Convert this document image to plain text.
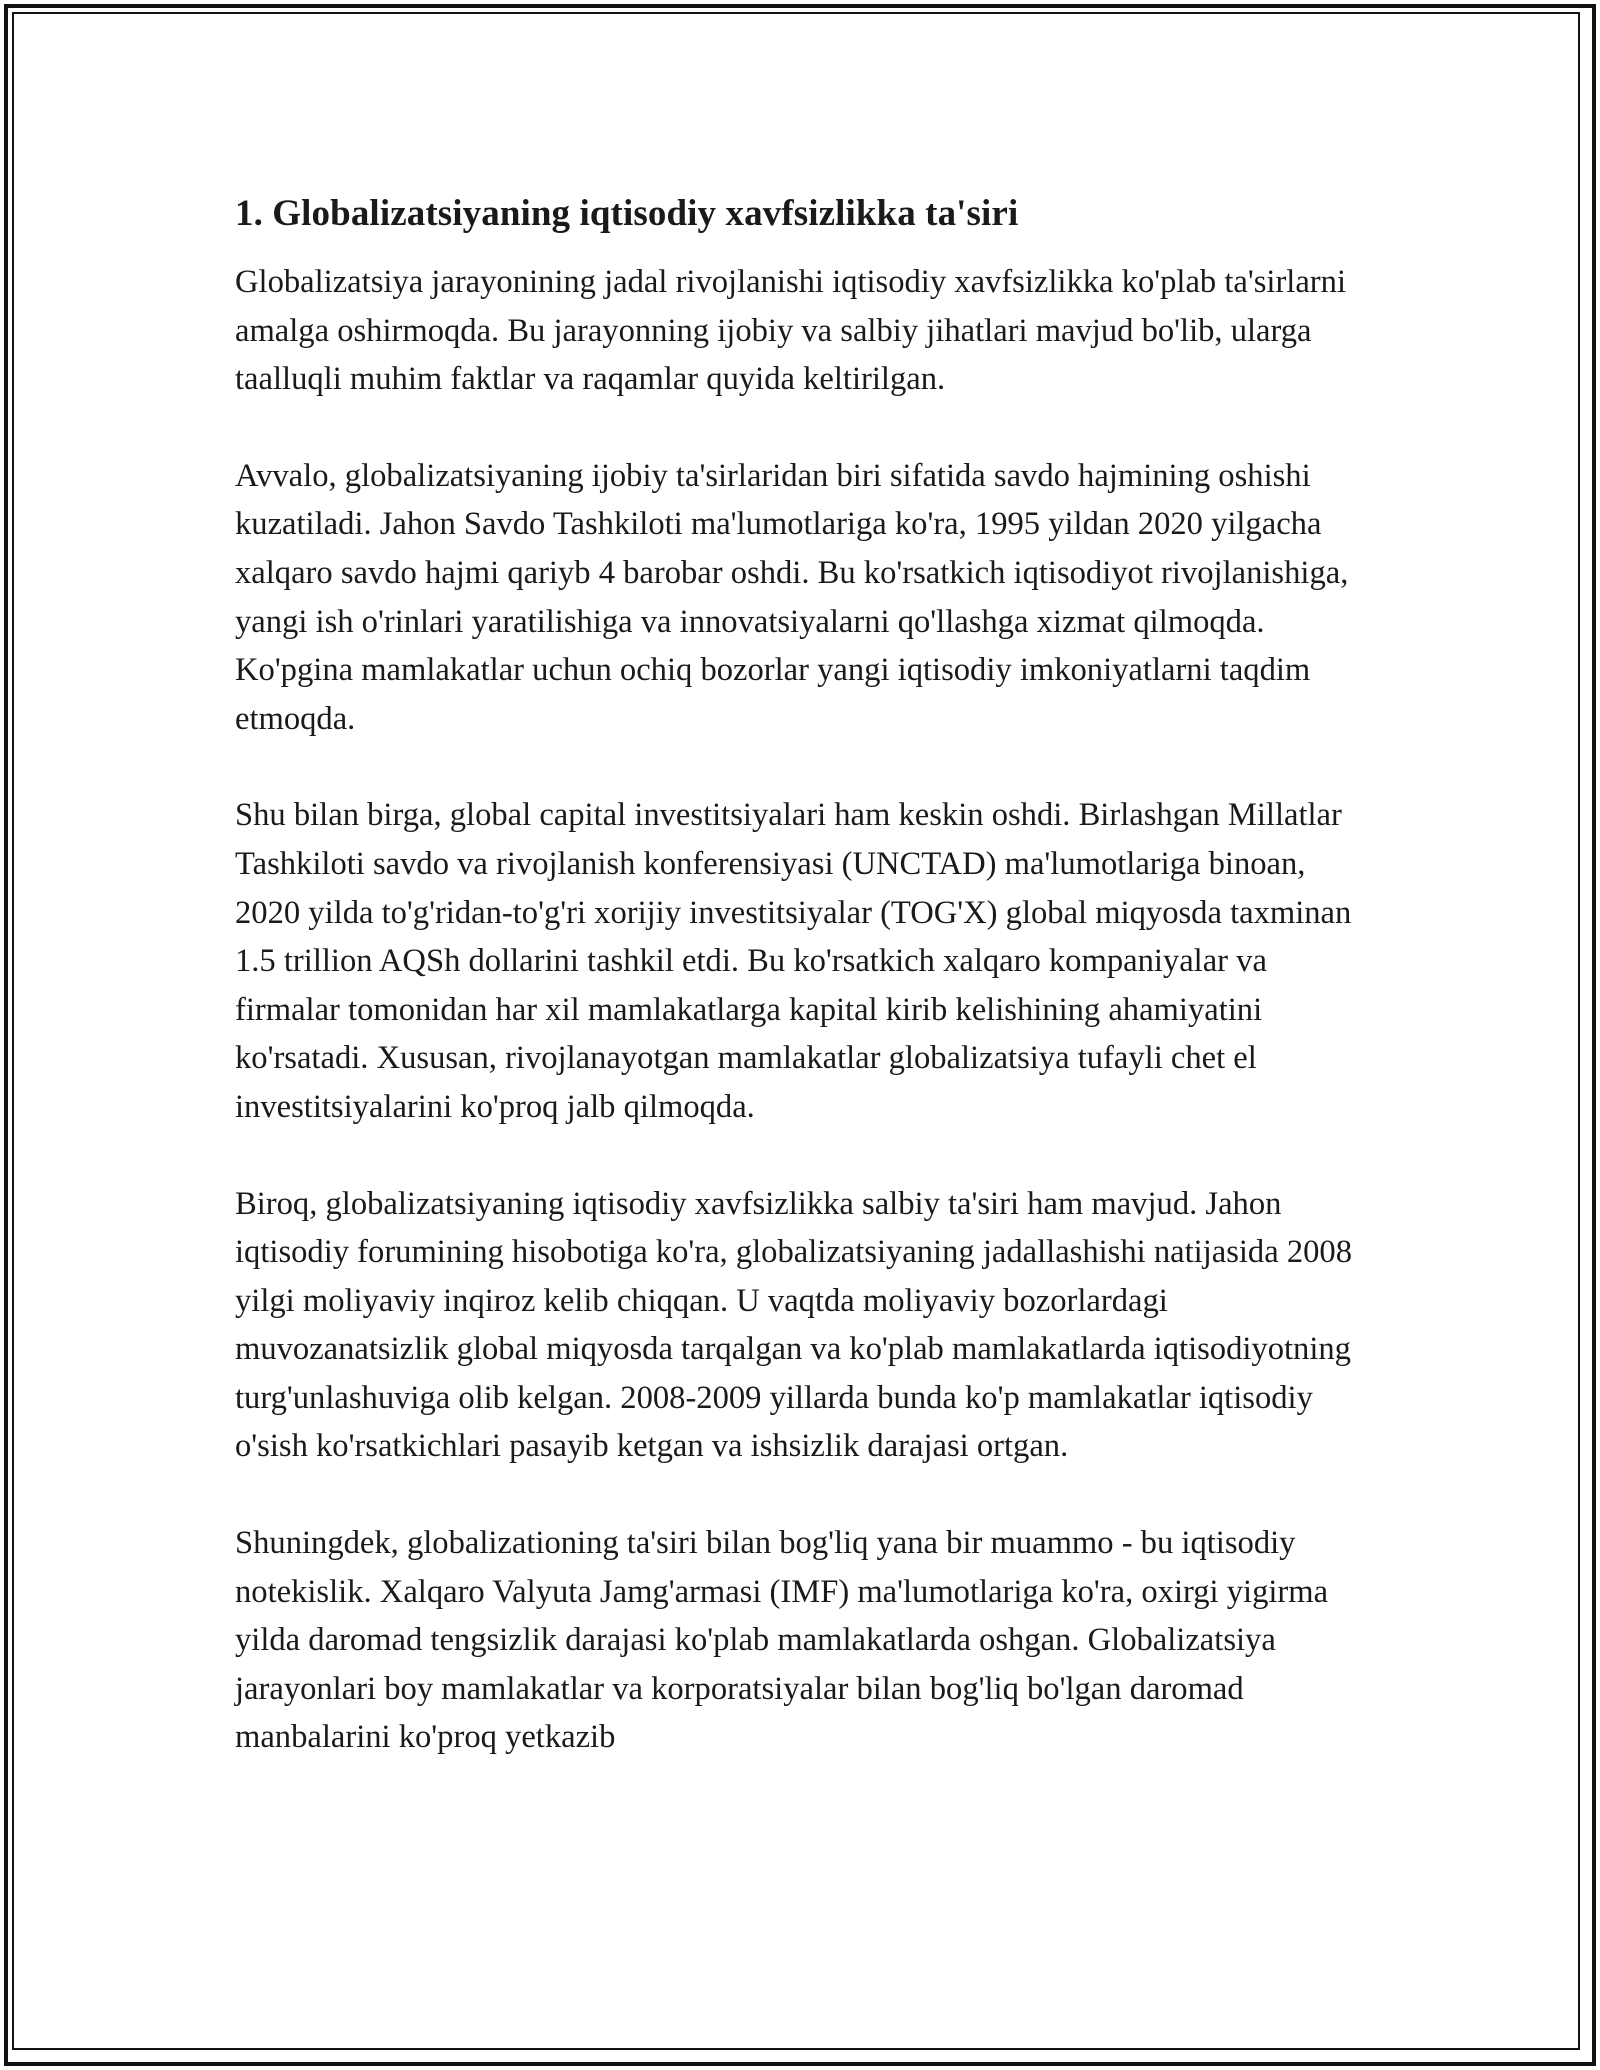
1. Globalizatsiyaning iqtisodiy xavfsizlikka ta'siri

Globalizatsiya jarayonining jadal rivojlanishi iqtisodiy xavfsizlikka ko'plab ta'sirlarni amalga oshirmoqda. Bu jarayonning ijobiy va salbiy jihatlari mavjud bo'lib, ularga taalluqli muhim faktlar va raqamlar quyida keltirilgan.

Avvalo, globalizatsiyaning ijobiy ta'sirlaridan biri sifatida savdo hajmining oshishi kuzatiladi. Jahon Savdo Tashkiloti ma'lumotlariga ko'ra, 1995 yildan 2020 yilgacha xalqaro savdo hajmi qariyb 4 barobar oshdi. Bu ko'rsatkich iqtisodiyot rivojlanishiga, yangi ish o'rinlari yaratilishiga va innovatsiyalarni qo'llashga xizmat qilmoqda. Ko'pgina mamlakatlar uchun ochiq bozorlar yangi iqtisodiy imkoniyatlarni taqdim etmoqda.

Shu bilan birga, global capital investitsiyalari ham keskin oshdi. Birlashgan Millatlar Tashkiloti savdo va rivojlanish konferensiyasi (UNCTAD) ma'lumotlariga binoan, 2020 yilda to'g'ridan-to'g'ri xorijiy investitsiyalar (TOG'X) global miqyosda taxminan 1.5 trillion AQSh dollarini tashkil etdi. Bu ko'rsatkich xalqaro kompaniyalar va firmalar tomonidan har xil mamlakatlarga kapital kirib kelishining ahamiyatini ko'rsatadi. Xususan, rivojlanayotgan mamlakatlar globalizatsiya tufayli chet el investitsiyalarini ko'proq jalb qilmoqda.

Biroq, globalizatsiyaning iqtisodiy xavfsizlikka salbiy ta'siri ham mavjud. Jahon iqtisodiy forumining hisobotiga ko'ra, globalizatsiyaning jadallashishi natijasida 2008 yilgi moliyaviy inqiroz kelib chiqqan. U vaqtda moliyaviy bozorlardagi muvozanatsizlik global miqyosda tarqalgan va ko'plab mamlakatlarda iqtisodiyotning turg'unlashuviga olib kelgan. 2008-2009 yillarda bunda ko'p mamlakatlar iqtisodiy o'sish ko'rsatkichlari pasayib ketgan va ishsizlik darajasi ortgan.

Shuningdek, globalizationing ta'siri bilan bog'liq yana bir muammo - bu iqtisodiy notekislik. Xalqaro Valyuta Jamg'armasi (IMF) ma'lumotlariga ko'ra, oxirgi yigirma yilda daromad tengsizlik darajasi ko'plab mamlakatlarda oshgan. Globalizatsiya jarayonlari boy mamlakatlar va korporatsiyalar bilan bog'liq bo'lgan daromad manbalarini ko'proq yetkazib
